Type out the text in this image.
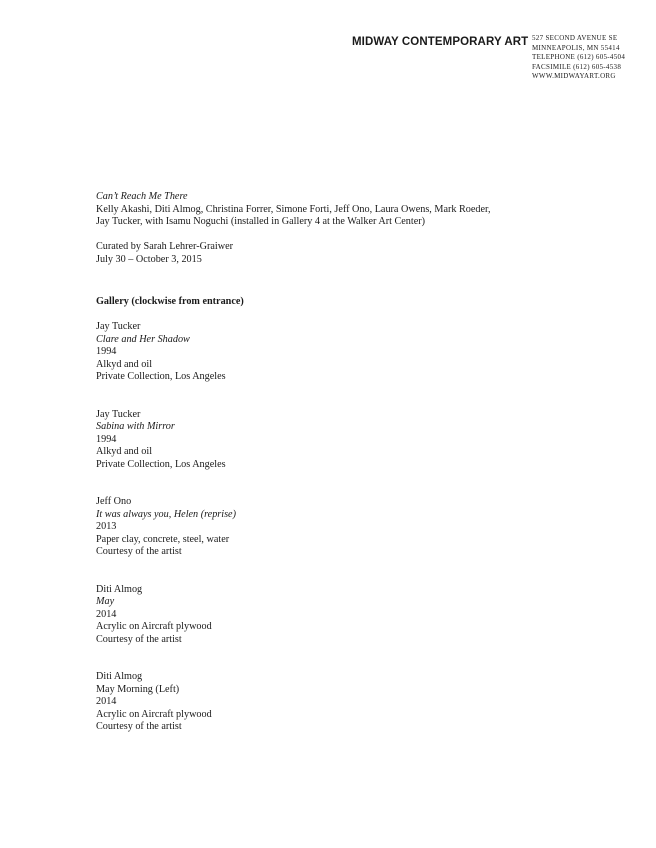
MIDWAY CONTEMPORARY ART 527 SECOND AVENUE SE
MINNEAPOLIS, MN 55414
TELEPHONE (612) 605-4504
FACSIMILE (612) 605-4538
WWW.MIDWAYART.ORG
Can’t Reach Me There
Kelly Akashi, Diti Almog, Christina Forrer, Simone Forti, Jeff Ono, Laura Owens, Mark Roeder,
Jay Tucker, with Isamu Noguchi (installed in Gallery 4 at the Walker Art Center)
Curated by Sarah Lehrer-Graiwer
July 30 – October 3, 2015
Gallery (clockwise from entrance)
Jay Tucker
Clare and Her Shadow
1994
Alkyd and oil
Private Collection, Los Angeles
Jay Tucker
Sabina with Mirror
1994
Alkyd and oil
Private Collection, Los Angeles
Jeff Ono
It was always you, Helen (reprise)
2013
Paper clay, concrete, steel, water
Courtesy of the artist
Diti Almog
May
2014
Acrylic on Aircraft plywood
Courtesy of the artist
Diti Almog
May Morning (Left)
2014
Acrylic on Aircraft plywood
Courtesy of the artist
